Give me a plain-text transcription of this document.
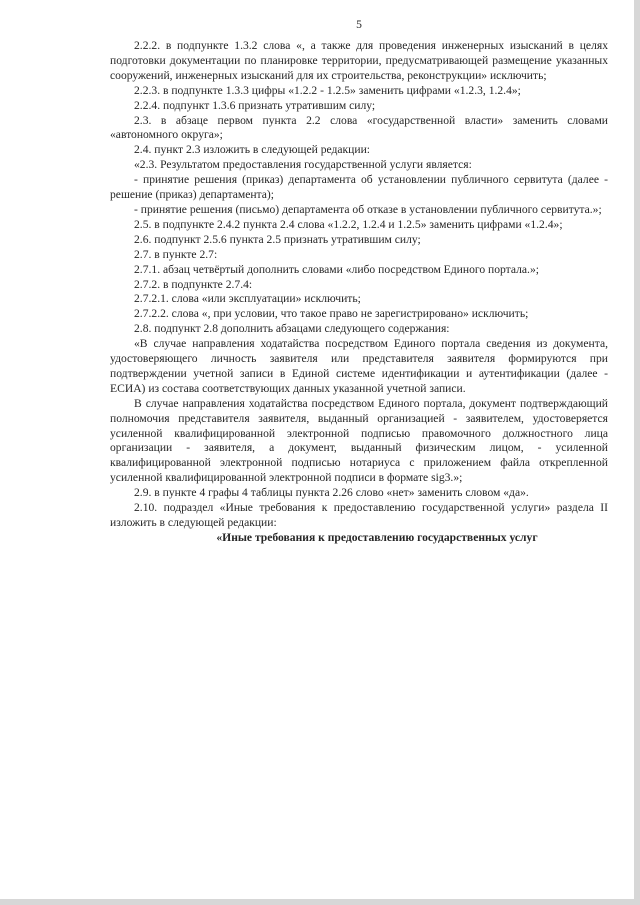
5

2.2.2. в подпункте 1.3.2 слова «, а также для проведения инженерных изысканий в целях подготовки документации по планировке территории, предусматривающей размещение указанных сооружений, инженерных изысканий для их строительства, реконструкции» исключить;

2.2.3. в подпункте 1.3.3 цифры «1.2.2 - 1.2.5» заменить цифрами «1.2.3, 1.2.4»;

2.2.4. подпункт 1.3.6 признать утратившим силу;

2.3. в абзаце первом пункта 2.2 слова «государственной власти» заменить словами «автономного округа»;

2.4. пункт 2.3 изложить в следующей редакции:

«2.3. Результатом предоставления государственной услуги является:

- принятие решения (приказ) департамента об установлении публичного сервитута (далее - решение (приказ) департамента);

- принятие решения (письмо) департамента об отказе в установлении публичного сервитута.»;

2.5. в подпункте 2.4.2 пункта 2.4 слова «1.2.2, 1.2.4 и 1.2.5» заменить цифрами «1.2.4»;

2.6. подпункт 2.5.6 пункта 2.5 признать утратившим силу;

2.7. в пункте 2.7:

2.7.1. абзац четвёртый дополнить словами «либо посредством Единого портала.»;

2.7.2. в подпункте 2.7.4:

2.7.2.1. слова «или эксплуатации» исключить;

2.7.2.2. слова «, при условии, что такое право не зарегистрировано» исключить;

2.8. подпункт 2.8 дополнить абзацами следующего содержания:

«В случае направления ходатайства посредством Единого портала сведения из документа, удостоверяющего личность заявителя или представителя заявителя формируются при подтверждении учетной записи в Единой системе идентификации и аутентификации (далее - ЕСИА) из состава соответствующих данных указанной учетной записи.

В случае направления ходатайства посредством Единого портала, документ подтверждающий полномочия представителя заявителя, выданный организацией - заявителем, удостоверяется усиленной квалифицированной электронной подписью правомочного должностного лица организации - заявителя, а документ, выданный физическим лицом, - усиленной квалифицированной электронной подписью нотариуса с приложением файла открепленной усиленной квалифицированной электронной подписи в формате sig3.»;

2.9. в пункте 4 графы 4 таблицы пункта 2.26 слово «нет» заменить словом «да».

2.10. подраздел «Иные требования к предоставлению государственной услуги» раздела II изложить в следующей редакции:

«Иные требования к предоставлению государственных услуг
